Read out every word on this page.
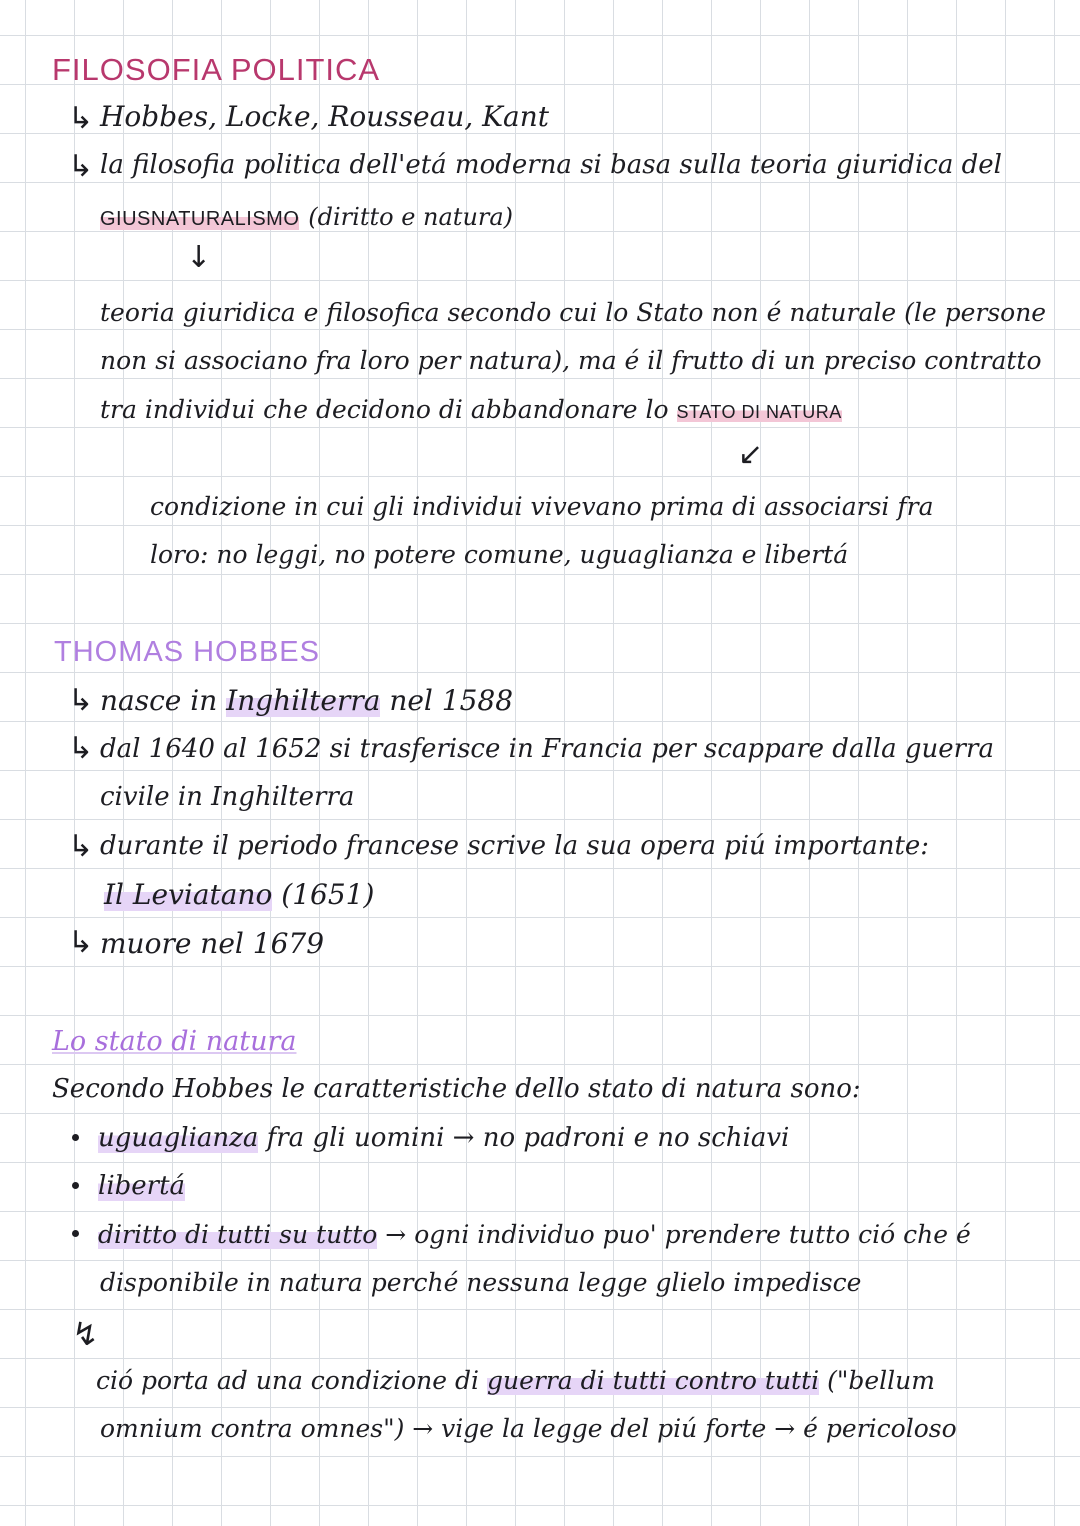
FILOSOFIA POLITICA
↳ Hobbes, Locke, Rousseau, Kant
↳ la filosofia politica dell'etá moderna si basa sulla teoria giuridica del
GIUSNATURALISMO (diritto e natura)
↓
teoria giuridica e filosofica secondo cui lo Stato non é naturale (le persone
non si associano fra loro per natura), ma é il frutto di un preciso contratto
tra individui che decidono di abbandonare lo STATO DI NATURA
↙
condizione in cui gli individui vivevano prima di associarsi fra
loro: no leggi, no potere comune, uguaglianza e libertá
THOMAS HOBBES
↳ nasce in Inghilterra nel 1588
↳ dal 1640 al 1652 si trasferisce in Francia per scappare dalla guerra
civile in Inghilterra
↳ durante il periodo francese scrive la sua opera piú importante:
Il Leviatano (1651)
↳ muore nel 1679
Lo stato di natura
Secondo Hobbes le caratteristiche dello stato di natura sono:
uguaglianza fra gli uomini → no padroni e no schiavi
libertá
diritto di tutti su tutto → ogni individuo puo' prendere tutto ció che é
disponibile in natura perché nessuna legge glielo impedisce
↯
ció porta ad una condizione di guerra di tutti contro tutti ("bellum
omnium contra omnes") → vige la legge del piú forte → é pericoloso
